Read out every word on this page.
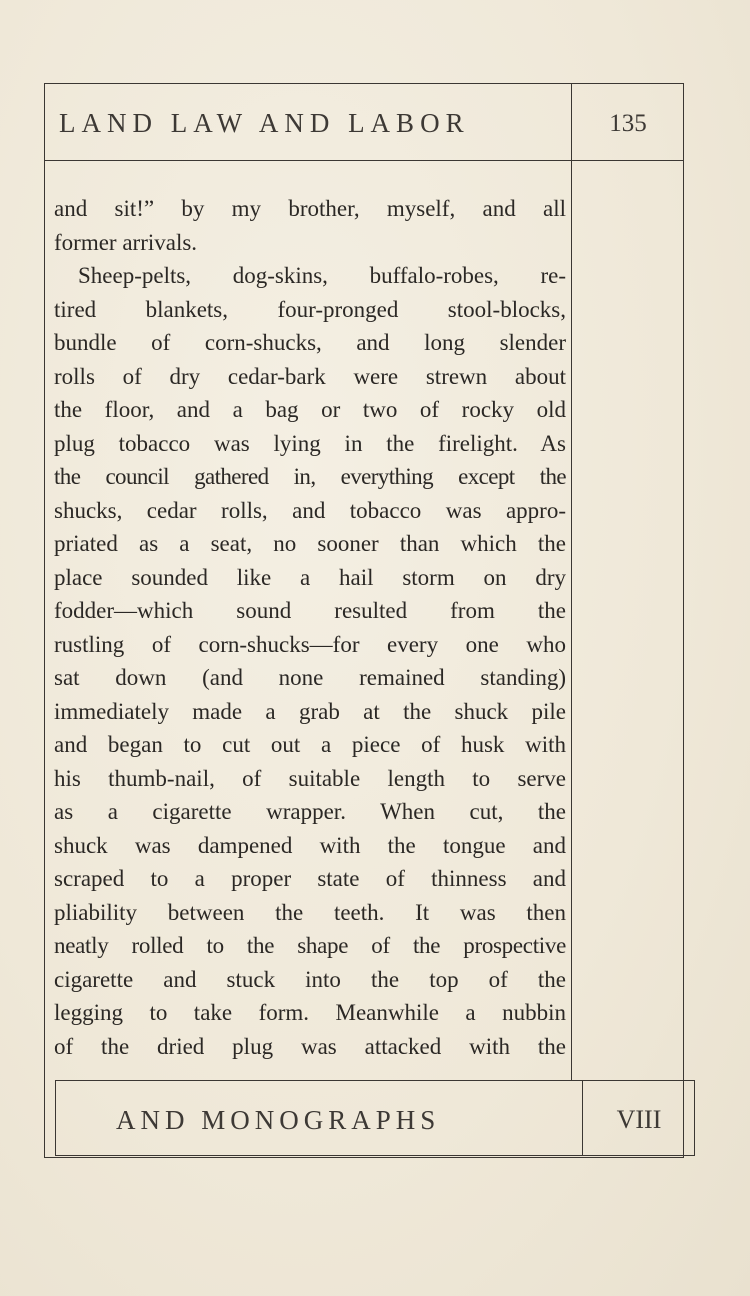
LAND LAW AND LABOR	135
AND MONOGRAPHS	VIII
and sit!” by my brother, myself, and all
former arrivals.
Sheep-pelts, dog-skins, buffalo-robes, re-
tired blankets, four-pronged stool-blocks,
bundle of corn-shucks, and long slender
rolls of dry cedar-bark were strewn about
the floor, and a bag or two of rocky old
plug tobacco was lying in the firelight. As
the council gathered in, everything except the
shucks, cedar rolls, and tobacco was appro-
priated as a seat, no sooner than which the
place sounded like a hail storm on dry
fodder—which sound resulted from the
rustling of corn-shucks—for every one who
sat down (and none remained standing)
immediately made a grab at the shuck pile
and began to cut out a piece of husk with
his thumb-nail, of suitable length to serve
as a cigarette wrapper. When cut, the
shuck was dampened with the tongue and
scraped to a proper state of thinness and
pliability between the teeth. It was then
neatly rolled to the shape of the prospective
cigarette and stuck into the top of the
legging to take form. Meanwhile a nubbin
of the dried plug was attacked with the
